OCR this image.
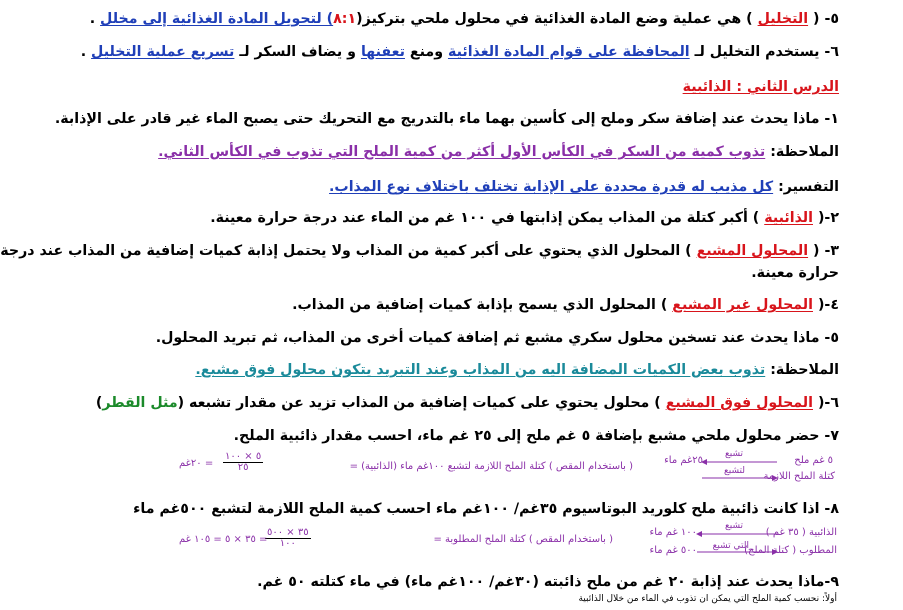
٥- ( التخليل ) هي عملية وضع المادة الغذائية في محلول ملحي بتركيز(٨:١) لتحويل المادة الغذائية إلى مخلل .
٦- يستخدم التخليل لـ المحافظة على قوام المادة الغذائية ومنع تعفنها و يضاف السكر لـ تسريع عملية التخليل .
الدرس الثاني : الذائبية
١- ماذا يحدث عند إضافة سكر وملح إلى كأسين بهما ماء بالتدريج مع التحريك حتى يصبح الماء غير قادر على الإذابة.
الملاحظة: تذوب كمية من السكر في الكأس الأول أكثر من كمية الملح التي تذوب في الكأس الثاني.
التفسير: كل مذيب له قدرة محددة على الإذابة تختلف باختلاف نوع المذاب.
٢-( الذائبية ) أكبر كتلة من المذاب يمكن إذابتها في ١٠٠ غم من الماء عند درجة حرارة معينة.
٣- ( المحلول المشبع ) المحلول الذي يحتوي على أكبر كمية من المذاب ولا يحتمل إذابة كميات إضافية من المذاب عند درجة
حرارة معينة.
٤-( المحلول غير المشبع ) المحلول الذي يسمح بإذابة كميات إضافية من المذاب.
٥- ماذا يحدث عند تسخين محلول سكري مشبع ثم إضافة كميات أخرى من المذاب، ثم تبريد المحلول.
الملاحظة: تذوب بعض الكميات المضافة اليه من المذاب وعند التبريد يتكون محلول فوق مشبع.
٦-( المحلول فوق المشبع ) محلول يحتوي على كميات إضافية من المذاب تزيد عن مقدار تشبعه (مثل القطر)
٧- حضر محلول ملحي مشبع بإضافة ٥ غم ملح إلى ٢٥ غم ماء، احسب مقدار ذائبية الملح.
٥ غم ملح
كتلة الملح اللازمة
تشبع
لتشبع
٢٥غم ماء
( باستخدام المقص ) كتلة الملح اللازمة لتشبع ١٠٠غم ماء (الذائبية) =
$\frac{٥ \times ١٠٠}{٢٥}$
= ٢٠غم
٨- اذا كانت ذائبية ملح كلوريد البوتاسيوم ٣٥غم/ ١٠٠غم ماء احسب كمية الملح اللازمة لتشبع ٥٠٠غم ماء
الذائبية ( ٣٥ غم )
المطلوب ( كتلة الملح)
تشبع
التي تشبع
١٠٠ غم ماء
٥٠٠ غم ماء
( باستخدام المقص ) كتلة الملح المطلوبة =
$\frac{٣٥ \times ٥٠٠}{١٠٠}$
= ٣٥ × ٥ = ١٠٥ غم
٩-ماذا يحدث عند إذابة ٢٠ غم من ملح ذائبته (٣٠غم/ ١٠٠غم ماء) في ماء كتلته ٥٠ غم.
أولاً: نحسب كمية الملح التي يمكن ان تذوب في الماء من خلال الذائبية
